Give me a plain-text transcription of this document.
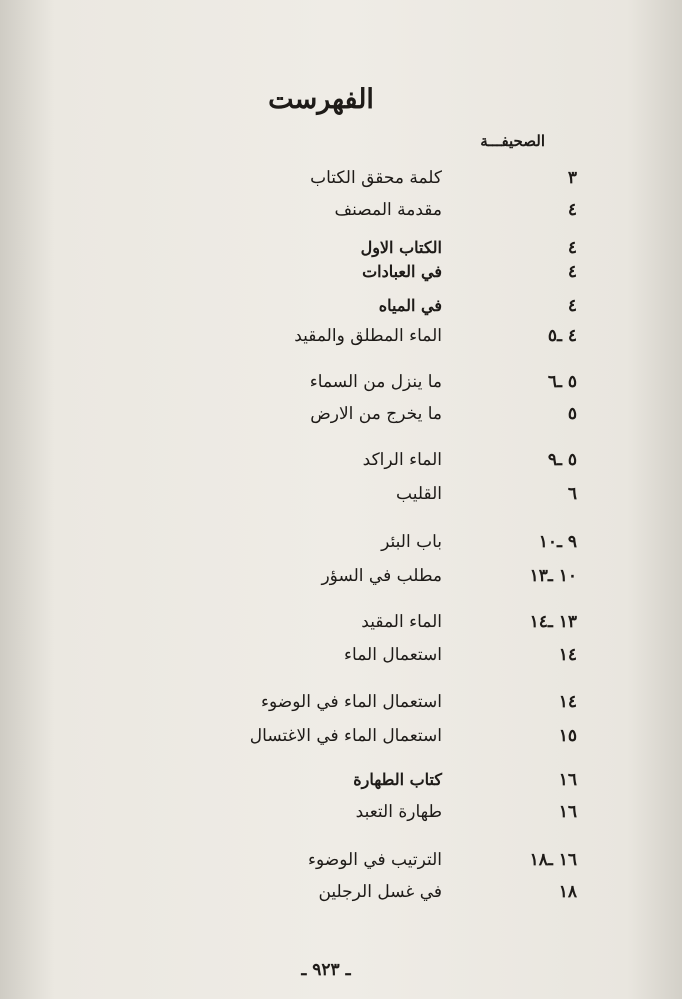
الفهرست
الصحيفـــة
٣
كلمة محقق الكتاب
٤
مقدمة المصنف
٤
الكتاب الاول
٤
في العبادات
٤
في المياه
٤ ـ٥
الماء المطلق والمقيد
٥ ـ٦
ما ينزل من السماء
٥
ما يخرج من الارض
٥ ـ٩
الماء الراكد
٦
القليب
٩ ـ١٠
باب البئر
١٠ ـ١٣
مطلب في السؤر
١٣ ـ١٤
الماء المقيد
١٤
استعمال الماء
١٤
استعمال الماء في الوضوء
١٥
استعمال الماء في الاغتسال
١٦
كتاب الطهارة
١٦
طهارة التعبد
١٦ ـ١٨
الترتيب في الوضوء
١٨
في غسل الرجلين
ـ ٩٢٣ ـ
